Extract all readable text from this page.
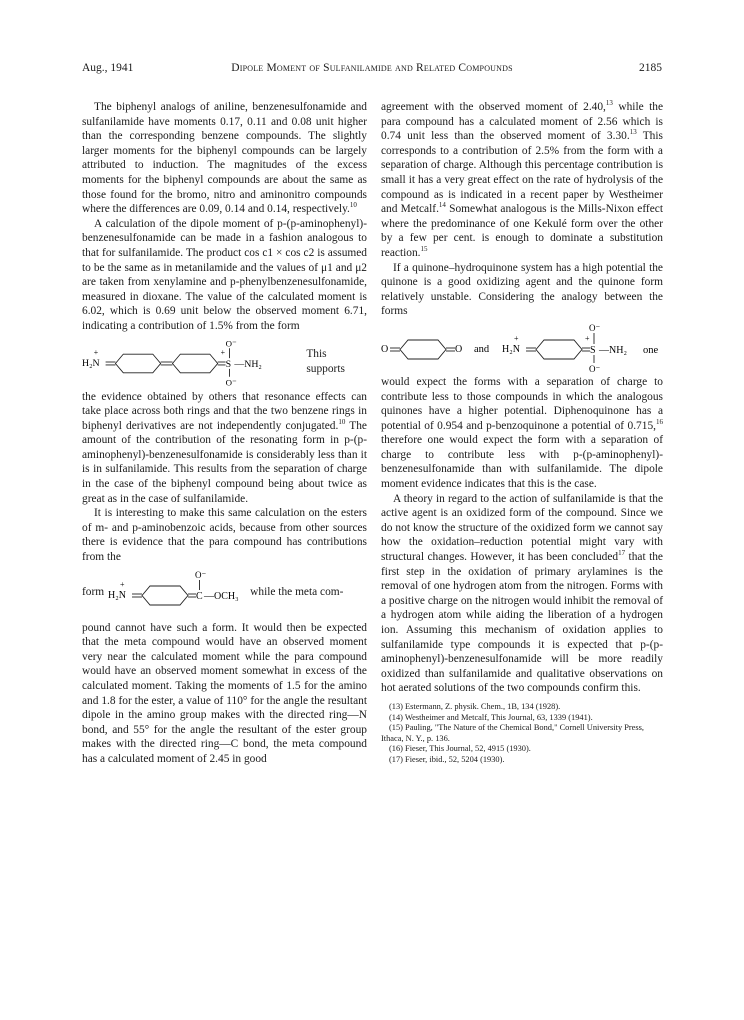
Aug., 1941	Dipole Moment of Sulfanilamide and Related Compounds	2185

The biphenyl analogs of aniline, benzenesulfonamide and sulfanilamide have moments 0.17, 0.11 and 0.08 unit higher than the corresponding benzene compounds. The slightly larger moments for the biphenyl compounds can be largely attributed to induction. The magnitudes of the excess moments for the biphenyl compounds are about the same as those found for the bromo, nitro and aminonitro compounds where the differences are 0.09, 0.14 and 0.14, respectively.$^{10}$

A calculation of the dipole moment of p-(p-aminophenyl)-benzenesulfonamide can be made in a fashion analogous to that for sulfanilamide. The product cos c1 × cos c2 is assumed to be the same as in metanilamide and the values of μ1 and μ2 are taken from xenylamine and p-phenylbenzenesulfonamide, measured in dioxane. The value of the calculated moment is 6.02, which is 0.69 unit below the observed moment 6.71, indicating a contribution of 1.5% from the form

H₂N
+
S —NH₂
O⁻
+
O⁻
This supports

the evidence obtained by others that resonance effects can take place across both rings and that the two benzene rings in biphenyl derivatives are not independently conjugated.$^{10}$ The amount of the contribution of the resonating form in p-(p-aminophenyl)-benzenesulfonamide is considerably less than it is in sulfanilamide. This results from the separation of charge in the case of the biphenyl compound being about twice as great as in the case of sulfanilamide.

It is interesting to make this same calculation on the esters of m- and p-aminobenzoic acids, because from other sources there is evidence that the para compound has contributions from the

form H₂N
+
C —OCH₃
O⁻
while the meta com-

pound cannot have such a form. It would then be expected that the meta compound would have an observed moment very near the calculated moment while the para compound would have an observed moment somewhat in excess of the calculated moment. Taking the moments of 1.5 for the amino and 1.8 for the ester, a value of 110° for the angle the resultant dipole in the amino group makes with the directed ring—N bond, and 55° for the angle the resultant of the ester group makes with the directed ring—C bond, the meta compound has a calculated moment of 2.45 in good

agreement with the observed moment of 2.40,13 while the para compound has a calculated moment of 2.56 which is 0.74 unit less than the observed moment of 3.30.13 This corresponds to a contribution of 2.5% from the form with a separation of charge. Although this percentage contribution is small it has a very great effect on the rate of hydrolysis of the compound as is indicated in a recent paper by Westheimer and Metcalf.$^{14}$ Somewhat analogous is the Mills-Nixon effect where the predominance of one Kekulé form over the other by a few per cent. is enough to dominate a substitution reaction.$^{15}$

If a quinone–hydroquinone system has a high potential the quinone is a good oxidizing agent and the quinone form relatively unstable. Considering the analogy between the forms

O	O and H₂N
+
S —NH₂
O⁻
+
O⁻
one

would expect the forms with a separation of charge to contribute less to those compounds in which the analogous quinones have a higher potential. Diphenoquinone has a potential of 0.954 and p-benzoquinone a potential of 0.715,16 therefore one would expect the form with a separation of charge to contribute less with p-(p-aminophenyl)-benzenesulfonamide than with sulfanilamide. The dipole moment evidence indicates that this is the case.

A theory in regard to the action of sulfanilamide is that the active agent is an oxidized form of the compound. Since we do not know the structure of the oxidized form we cannot say how the oxidation–reduction potential might vary with structural changes. However, it has been concluded$^{17}$ that the first step in the oxidation of primary arylamines is the removal of one hydrogen atom from the nitrogen. Forms with a positive charge on the nitrogen would inhibit the removal of a hydrogen atom while aiding the liberation of a hydrogen ion. Assuming this mechanism of oxidation applies to sulfanilamide type compounds it is expected that p-(p-aminophenyl)-benzenesulfonamide will be more readily oxidized than sulfanilamide and qualitative observations on hot aerated solutions of the two compounds confirm this.

(13) Estermann, Z. physik. Chem., 1B, 134 (1928).
(14) Westheimer and Metcalf, This Journal, 63, 1339 (1941).
(15) Pauling, "The Nature of the Chemical Bond," Cornell University Press, Ithaca, N. Y., p. 136.
(16) Fieser, This Journal, 52, 4915 (1930).
(17) Fieser, ibid., 52, 5204 (1930).
